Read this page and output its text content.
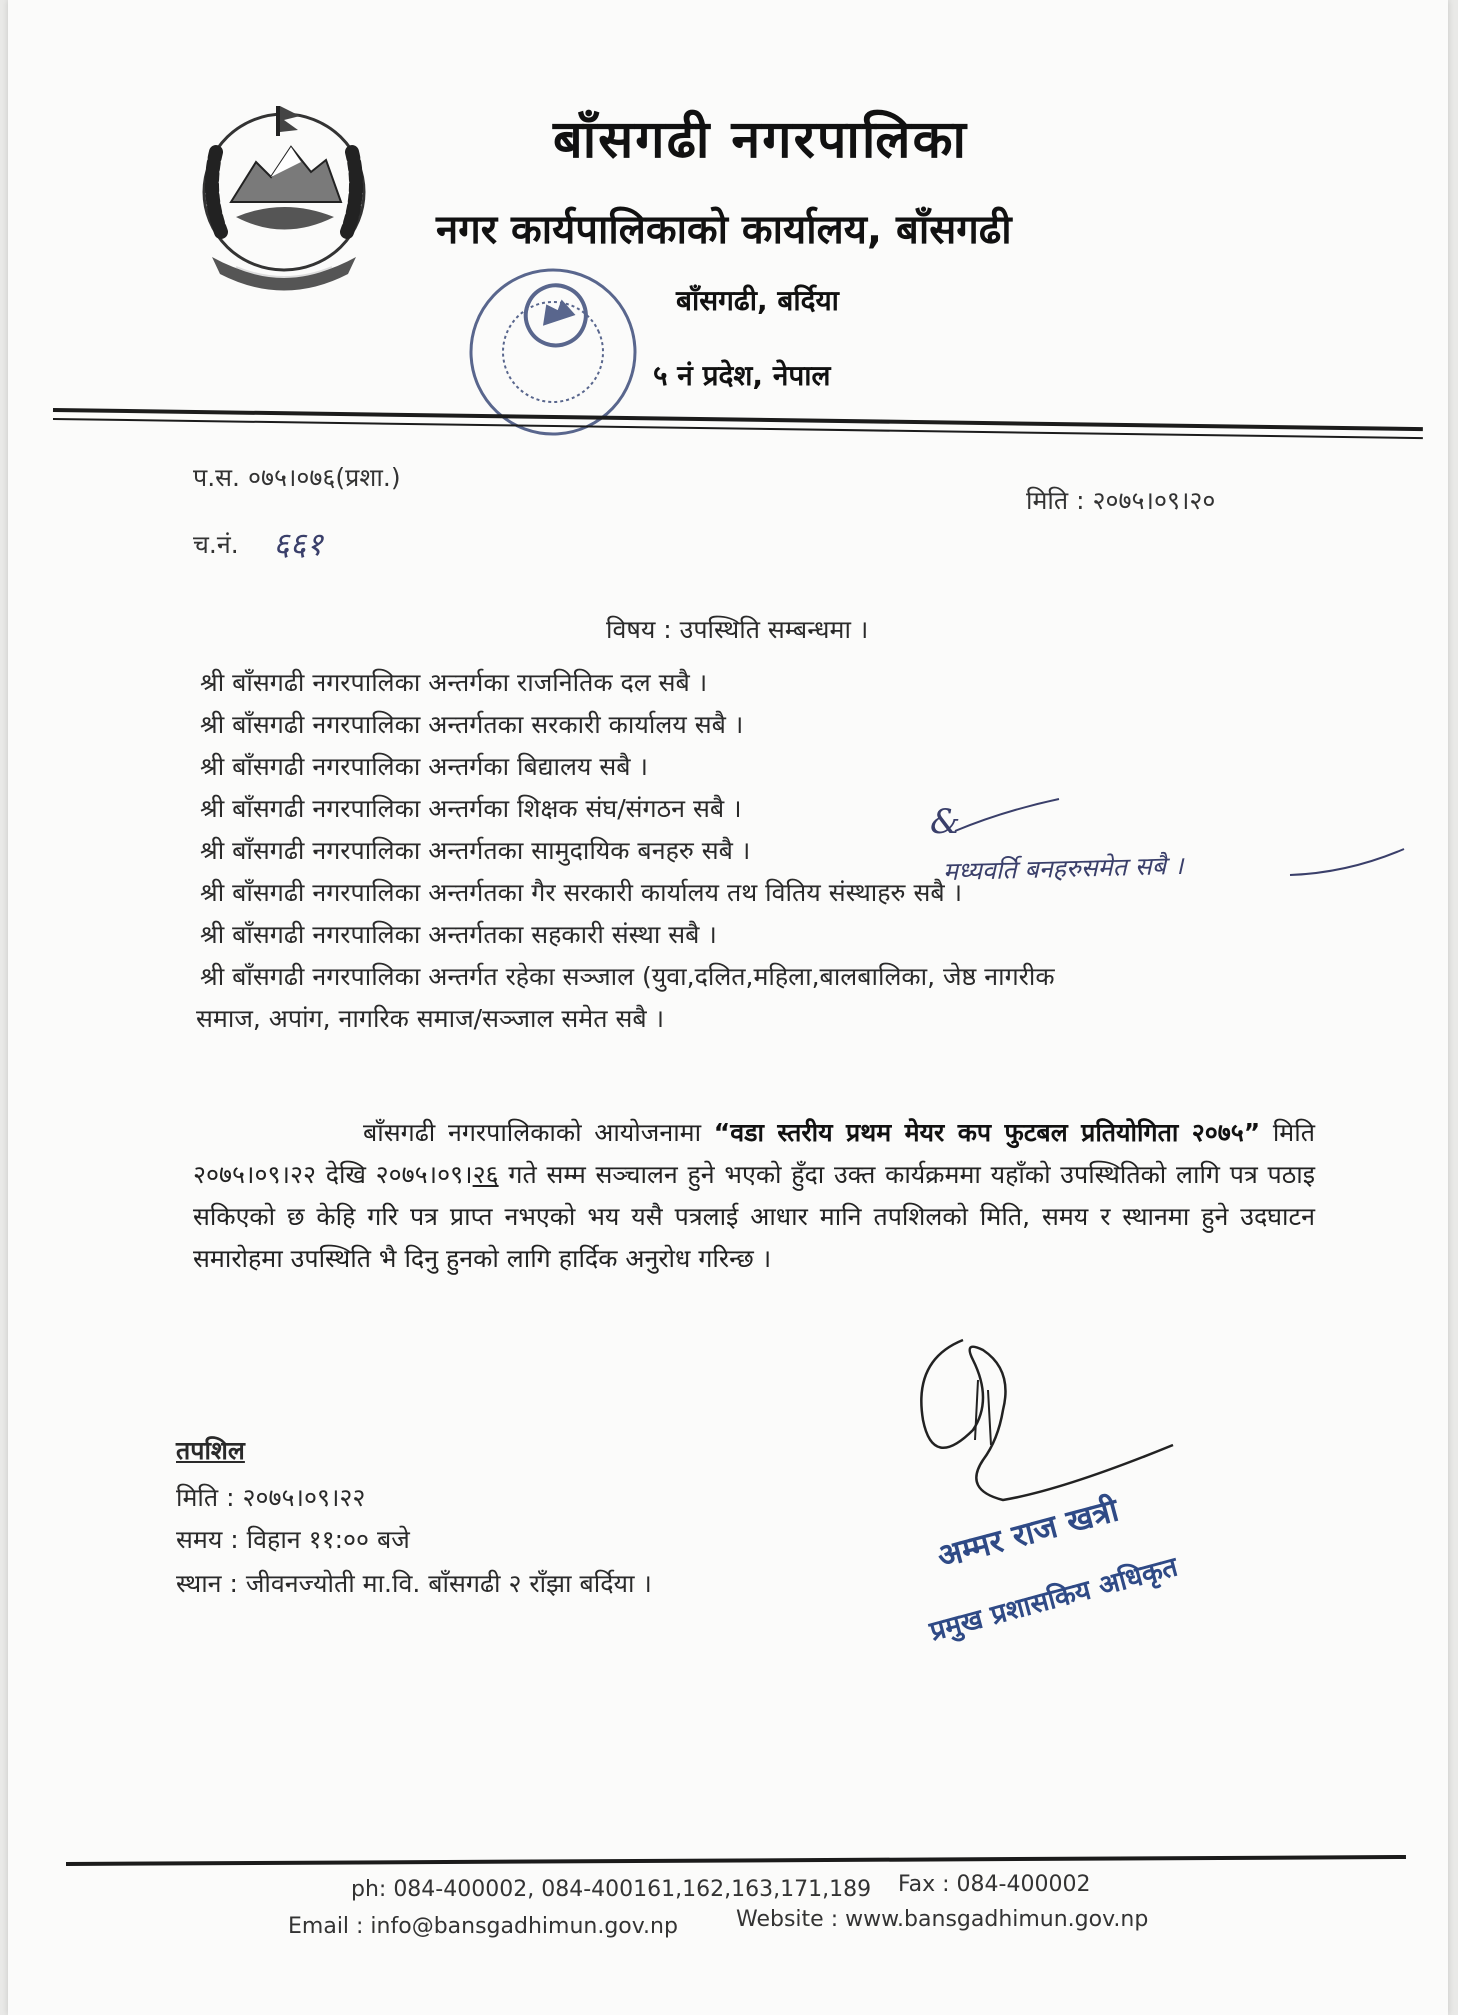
बाँसगढी नगरपालिका
नगर कार्यपालिकाको कार्यालय, बाँसगढी
बाँसगढी, बर्दिया
५ नं प्रदेश, नेपाल
प.स. ०७५।०७६(प्रशा.)
मिति : २०७५।०९।२०
च.नं. ६६१
विषय : उपस्थिति सम्बन्धमा ।
श्री बाँसगढी नगरपालिका अन्तर्गका राजनितिक दल सबै ।
श्री बाँसगढी नगरपालिका अन्तर्गतका सरकारी कार्यालय सबै ।
श्री बाँसगढी नगरपालिका अन्तर्गका बिद्यालय सबै ।
श्री बाँसगढी नगरपालिका अन्तर्गका शिक्षक संघ/संगठन सबै ।
श्री बाँसगढी नगरपालिका अन्तर्गतका सामुदायिक बनहरु सबै ।
श्री बाँसगढी नगरपालिका अन्तर्गतका गैर सरकारी कार्यालय तथ वितिय संस्थाहरु सबै ।
श्री बाँसगढी नगरपालिका अन्तर्गतका सहकारी संस्था सबै ।
श्री बाँसगढी नगरपालिका अन्तर्गत रहेका सञ्जाल (युवा,दलित,महिला,बालबालिका, जेष्ठ नागरीक
समाज, अपांग, नागरिक समाज/सञ्जाल समेत सबै ।
&
मध्यवर्ति बनहरुसमेत सबै ।
बाँसगढी नगरपालिकाको आयोजनामा “वडा स्तरीय प्रथम मेयर कप फुटबल प्रतियोगिता २०७५” मिति २०७५।०९।२२ देखि २०७५।०९।२६ गते सम्म सञ्चालन हुने भएको हुँदा उक्त कार्यक्रममा यहाँको उपस्थितिको लागि पत्र पठाइ सकिएको छ केहि गरि पत्र प्राप्त नभएको भय यसै पत्रलाई आधार मानि तपशिलको मिति, समय र स्थानमा हुने उदघाटन समारोहमा उपस्थिति भै दिनु हुनको लागि हार्दिक अनुरोध गरिन्छ ।
तपशिल
मिति : २०७५।०९।२२
समय : विहान ११:०० बजे
स्थान : जीवनज्योती मा.वि. बाँसगढी २ राँझा बर्दिया ।
अम्मर राज खत्री
प्रमुख प्रशासकिय अधिकृत
ph: 084-400002, 084-400161,162,163,171,189 Fax : 084-400002
Email : info@bansgadhimun.gov.np	Website : www.bansgadhimun.gov.np
